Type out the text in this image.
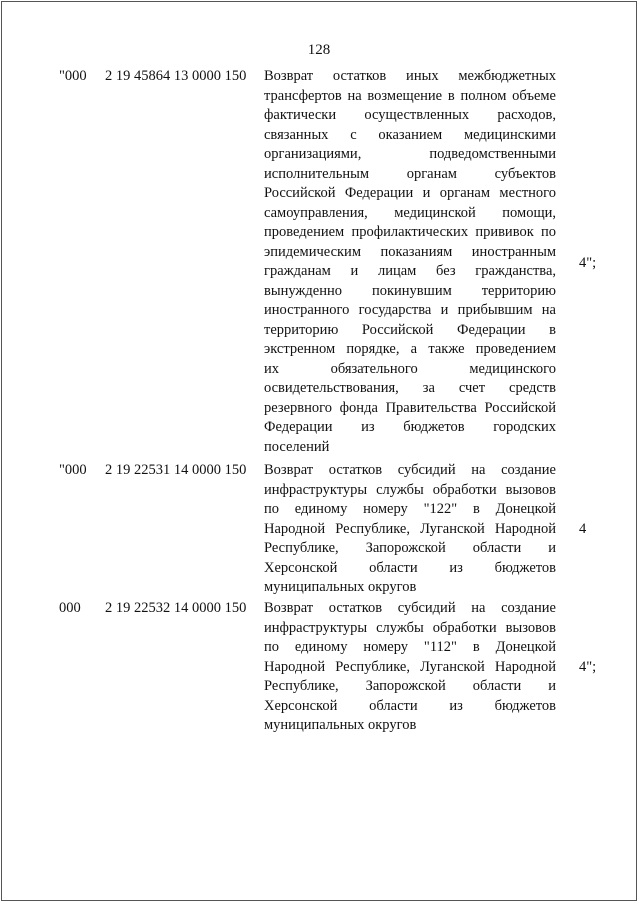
128
"000 2 19 45864 13 0000 150	Возврат остатков иных межбюджетных
трансфертов на возмещение в полном объеме
фактически осуществленных расходов,
связанных с оказанием медицинскими
организациями, подведомственными
исполнительным органам субъектов
Российской Федерации и органам местного
самоуправления, медицинской помощи,
проведением профилактических прививок по
эпидемическим показаниям иностранным
гражданам и лицам без гражданства,
вынужденно покинувшим территорию
иностранного государства и прибывшим на
территорию Российской Федерации в
экстренном порядке, а также проведением
их обязательного медицинского
освидетельствования, за счет средств
резервного фонда Правительства Российской
Федерации из бюджетов городских
поселений
4";
"000 2 19 22531 14 0000 150	Возврат остатков субсидий на создание
инфраструктуры службы обработки вызовов
по единому номеру "122" в Донецкой
Народной Республике, Луганской Народной
Республике, Запорожской области и
Херсонской области из бюджетов
муниципальных округов
4
000 2 19 22532 14 0000 150	Возврат остатков субсидий на создание
инфраструктуры службы обработки вызовов
по единому номеру "112" в Донецкой
Народной Республике, Луганской Народной
Республике, Запорожской области и
Херсонской области из бюджетов
муниципальных округов
4";
